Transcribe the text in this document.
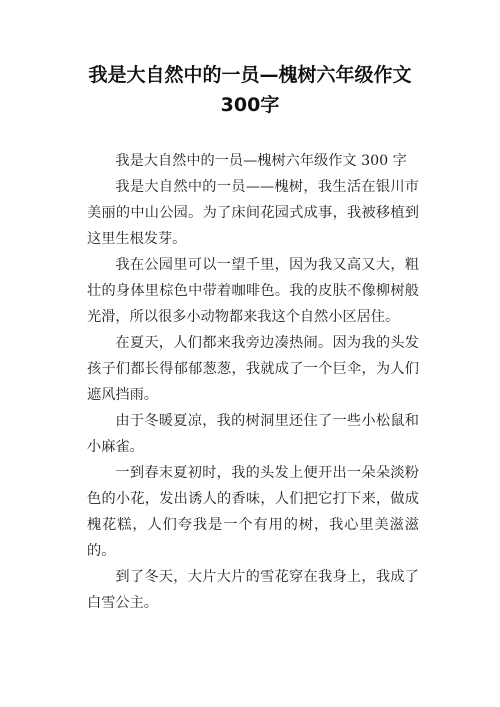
我是大自然中的一员—槐树六年级作文300字

我是大自然中的一员—槐树六年级作文 300 字

我是大自然中的一员——槐树，我生活在银川市美丽的中山公园。为了床间花园式成事，我被移植到这里生根发芽。

我在公园里可以一望千里，因为我又高又大，粗壮的身体里棕色中带着咖啡色。我的皮肤不像柳树般光滑，所以很多小动物都来我这个自然小区居住。

在夏天，人们都来我旁边凑热闹。因为我的头发孩子们都长得郁郁葱葱，我就成了一个巨伞，为人们遮风挡雨。

由于冬暖夏凉，我的树洞里还住了一些小松鼠和小麻雀。

一到春末夏初时，我的头发上便开出一朵朵淡粉色的小花，发出诱人的香味，人们把它打下来，做成槐花糕，人们夸我是一个有用的树，我心里美滋滋的。

到了冬天，大片大片的雪花穿在我身上，我成了白雪公主。
